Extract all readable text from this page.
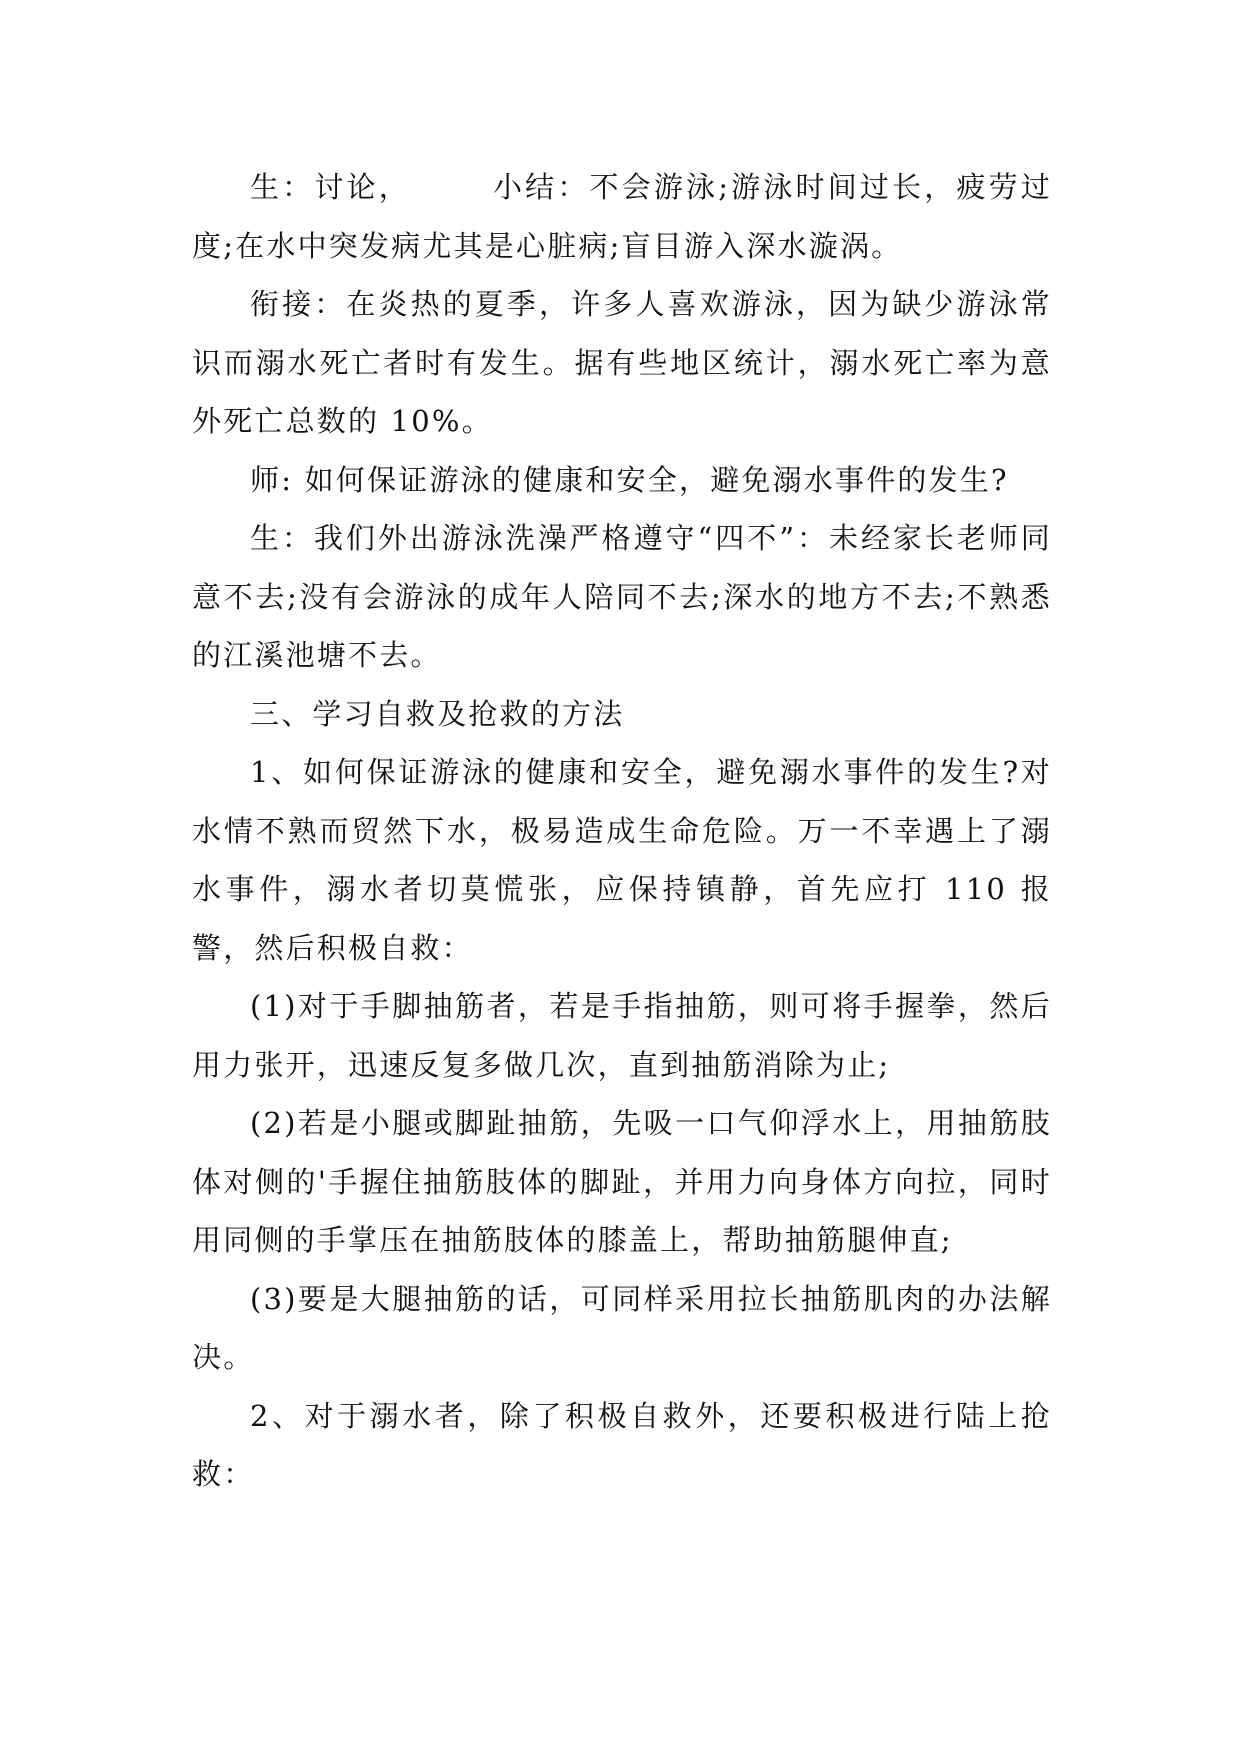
生：讨论，　　　小结：不会游泳;游泳时间过长，疲劳过度;在水中突发病尤其是心脏病;盲目游入深水漩涡。

衔接：在炎热的夏季，许多人喜欢游泳，因为缺少游泳常识而溺水死亡者时有发生。据有些地区统计，溺水死亡率为意外死亡总数的 10%。

师: 如何保证游泳的健康和安全，避免溺水事件的发生?

生：我们外出游泳洗澡严格遵守“四不”：未经家长老师同意不去;没有会游泳的成年人陪同不去;深水的地方不去;不熟悉的江溪池塘不去。

三、学习自救及抢救的方法

1、如何保证游泳的健康和安全，避免溺水事件的发生?对水情不熟而贸然下水，极易造成生命危险。万一不幸遇上了溺水事件，溺水者切莫慌张，应保持镇静，首先应打 110 报警，然后积极自救：

(1)对于手脚抽筋者，若是手指抽筋，则可将手握拳，然后用力张开，迅速反复多做几次，直到抽筋消除为止;

(2)若是小腿或脚趾抽筋，先吸一口气仰浮水上，用抽筋肢体对侧的'手握住抽筋肢体的脚趾，并用力向身体方向拉，同时用同侧的手掌压在抽筋肢体的膝盖上，帮助抽筋腿伸直;

(3)要是大腿抽筋的话，可同样采用拉长抽筋肌肉的办法解决。

2、对于溺水者，除了积极自救外，还要积极进行陆上抢救：
